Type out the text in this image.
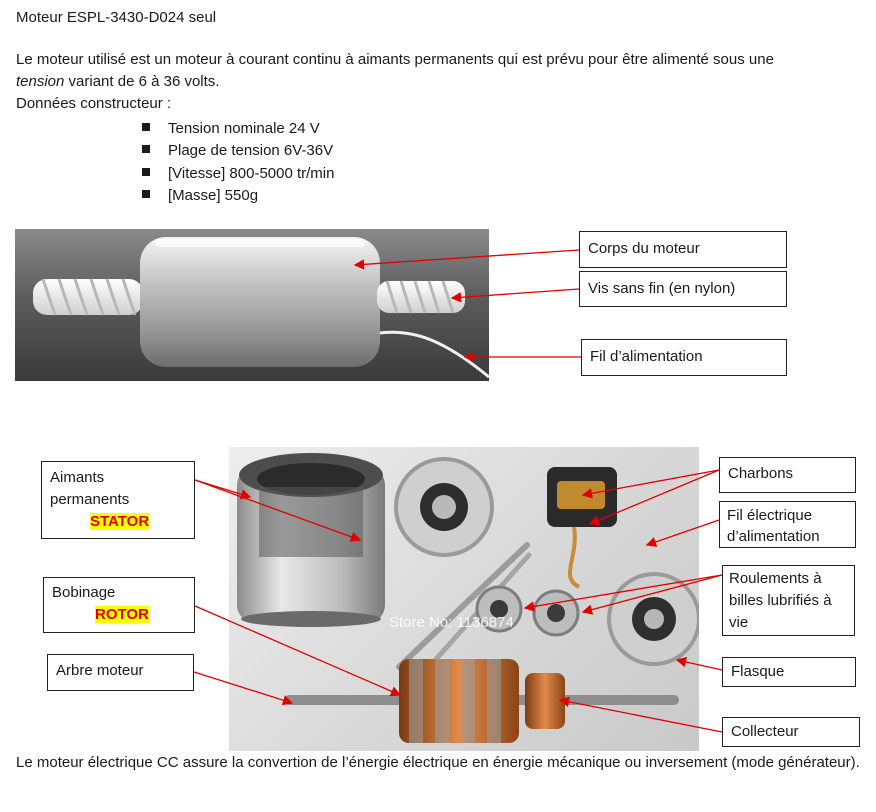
Moteur ESPL-3430-D024 seul
Le moteur utilisé est un moteur à courant continu à aimants permanents qui est prévu pour être alimenté sous une
tension variant de 6 à 36 volts.
Données constructeur :
Tension nominale 24 V
Plage de tension 6V-36V
[Vitesse] 800-5000 tr/min
[Masse] 550g
Corps du moteur
Vis sans fin (en nylon)
Fil d’alimentation
Store No: 1136874
Aimants
permanents
STATOR
Bobinage
ROTOR
Arbre moteur
Charbons
Fil électrique
d’alimentation
Roulements à
billes lubrifiés à
vie
Flasque
Collecteur
Le moteur électrique CC assure la convertion de l’énergie électrique en énergie mécanique ou inversement (mode générateur).
